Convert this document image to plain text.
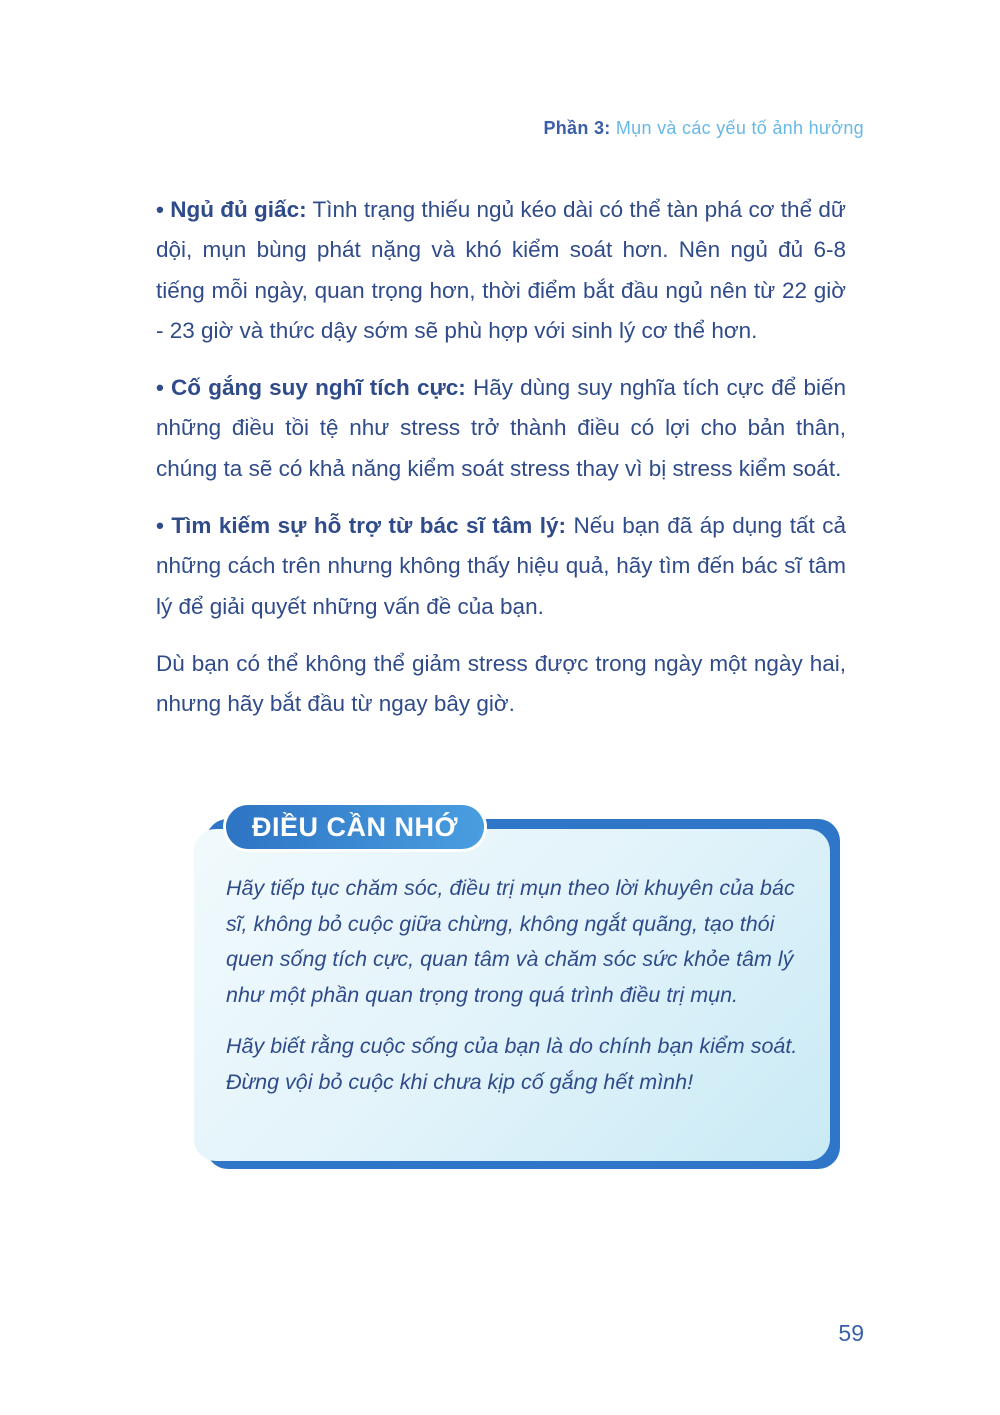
Phần 3: Mụn và các yếu tố ảnh hưởng

• Ngủ đủ giấc: Tình trạng thiếu ngủ kéo dài có thể tàn phá cơ thể dữ dội, mụn bùng phát nặng và khó kiểm soát hơn. Nên ngủ đủ 6-8 tiếng mỗi ngày, quan trọng hơn, thời điểm bắt đầu ngủ nên từ 22 giờ - 23 giờ và thức dậy sớm sẽ phù hợp với sinh lý cơ thể hơn.

• Cố gắng suy nghĩ tích cực: Hãy dùng suy nghĩa tích cực để biến những điều tồi tệ như stress trở thành điều có lợi cho bản thân, chúng ta sẽ có khả năng kiểm soát stress thay vì bị stress kiểm soát.

• Tìm kiếm sự hỗ trợ từ bác sĩ tâm lý: Nếu bạn đã áp dụng tất cả những cách trên nhưng không thấy hiệu quả, hãy tìm đến bác sĩ tâm lý để giải quyết những vấn đề của bạn.

Dù bạn có thể không thể giảm stress được trong ngày một ngày hai, nhưng hãy bắt đầu từ ngay bây giờ.

ĐIỀU CẦN NHỚ

Hãy tiếp tục chăm sóc, điều trị mụn theo lời khuyên của bác sĩ, không bỏ cuộc giữa chừng, không ngắt quãng, tạo thói quen sống tích cực, quan tâm và chăm sóc sức khỏe tâm lý như một phần quan trọng trong quá trình điều trị mụn.

Hãy biết rằng cuộc sống của bạn là do chính bạn kiểm soát. Đừng vội bỏ cuộc khi chưa kịp cố gắng hết mình!

59
